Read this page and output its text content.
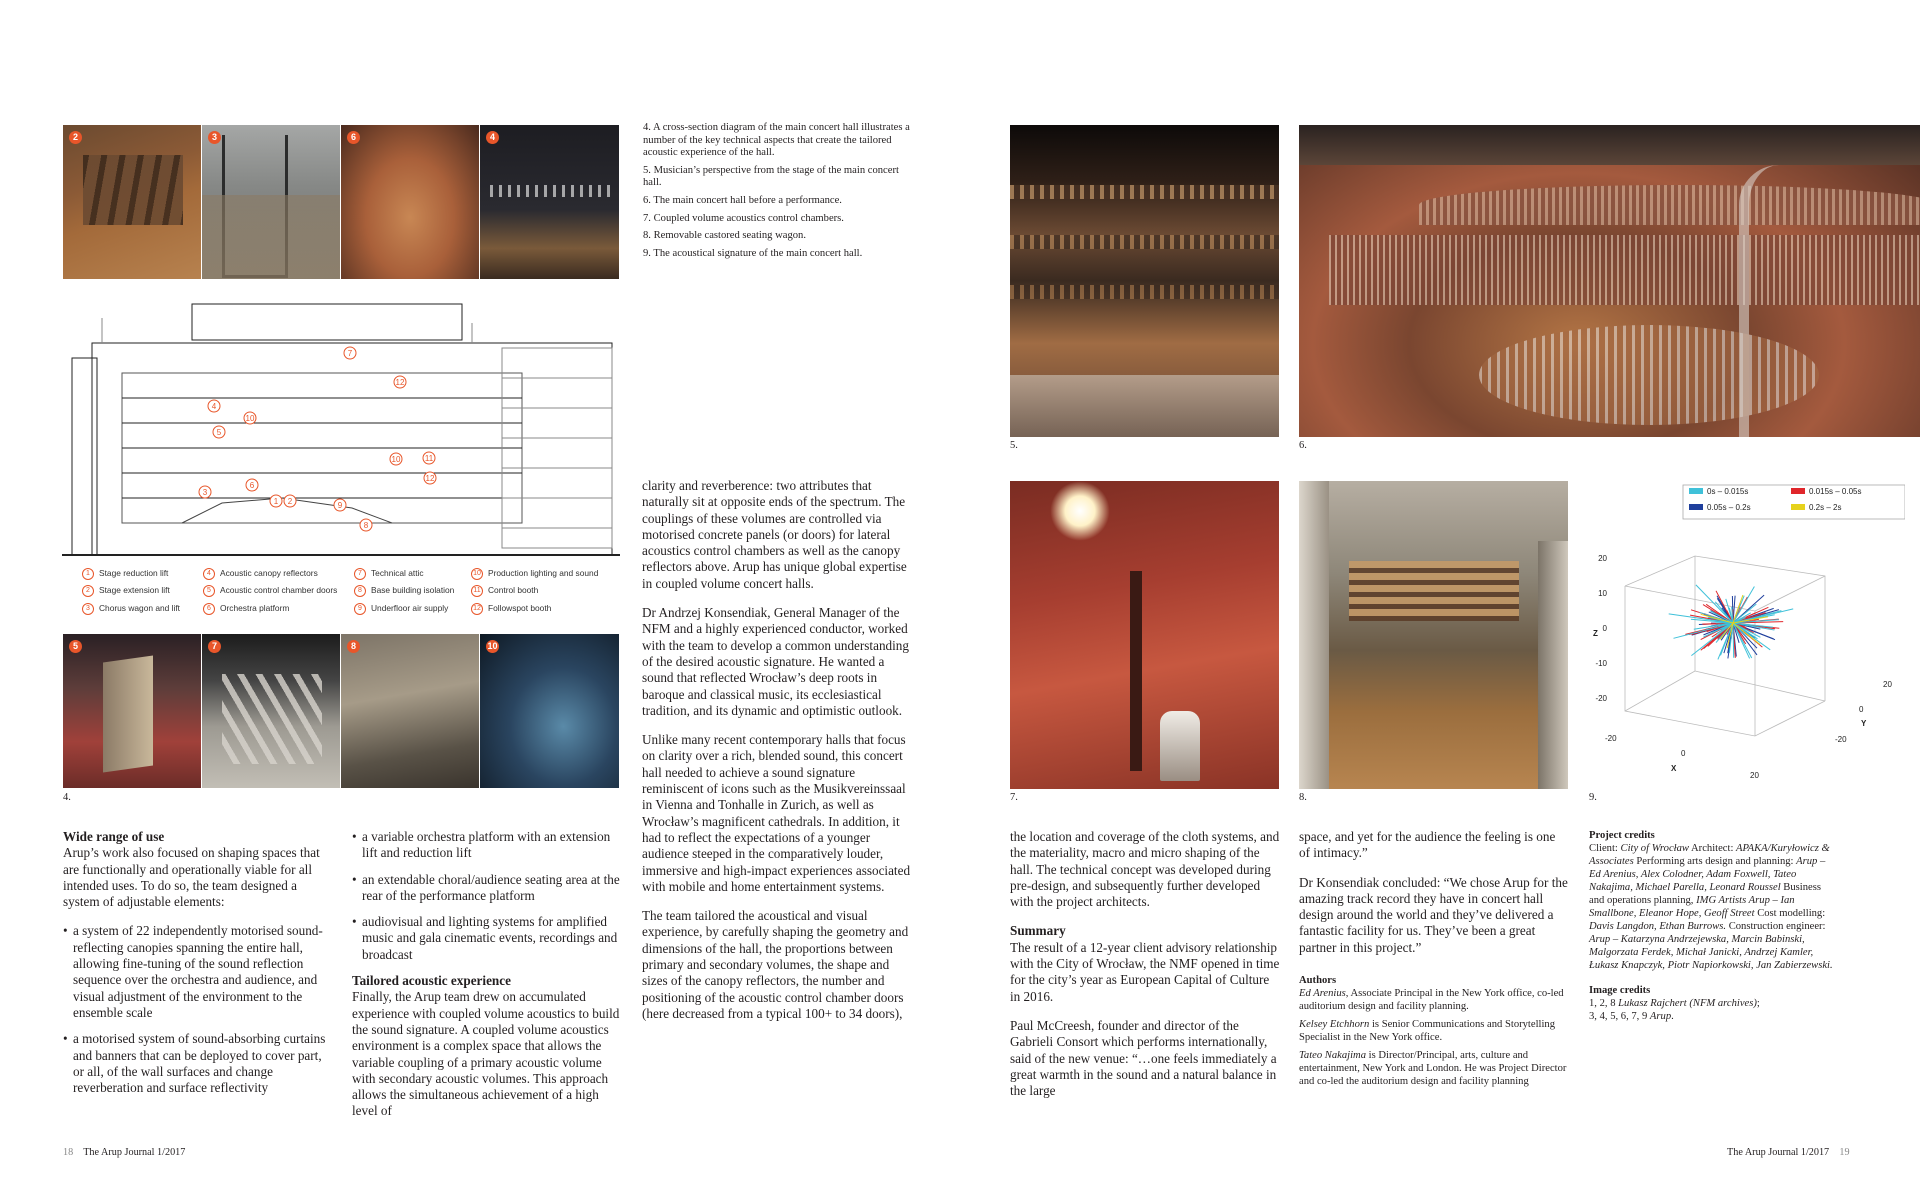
2	3	6	4
4. A cross-section diagram of the main concert hall illustrates a number of the key technical aspects that create the tailored acoustic experience of the hall.
5. Musician’s perspective from the stage of the main concert hall.
6. The main concert hall before a performance.
7. Coupled volume acoustics control chambers.
8. Removable castored seating wagon.
9. The acoustical signature of the main concert hall.
7
12
4
10
5
10	11
12
6
3
1 2	9
8
1 Stage reduction lift
2 Stage extension lift
3 Chorus wagon and lift
4 Acoustic canopy reflectors
5 Acoustic control chamber doors
6 Orchestra platform
7 Technical attic
8 Base building isolation
9 Underfloor air supply
10 Production lighting and sound
11 Control booth
12 Followspot booth
5	7	8	10
4.
Wide range of use

Arup’s work also focused on shaping spaces that are functionally and operationally viable for all intended uses. To do so, the team designed a system of adjustable elements:

• a system of 22 independently motorised sound-reflecting canopies spanning the entire hall, allowing fine-tuning of the sound reflection sequence over the orchestra and audience, and visual adjustment of the environment to the ensemble scale
• a motorised system of sound-absorbing curtains and banners that can be deployed to cover part, or all, of the wall surfaces and change reverberation and surface reflectivity
• a variable orchestra platform with an extension lift and reduction lift
• an extendable choral/audience seating area at the rear of the performance platform
• audiovisual and lighting systems for amplified music and gala cinematic events, recordings and broadcast
Tailored acoustic experience

Finally, the Arup team drew on accumulated experience with coupled volume acoustics to build the sound signature. A coupled volume acoustics environment is a complex space that allows the variable coupling of a primary acoustic volume with secondary acoustic volumes. This approach allows the simultaneous achievement of a high level of

clarity and reverberence: two attributes that naturally sit at opposite ends of the spectrum. The couplings of these volumes are controlled via motorised concrete panels (or doors) for lateral acoustics control chambers as well as the canopy reflectors above. Arup has unique global expertise in coupled volume concert halls.

Dr Andrzej Konsendiak, General Manager of the NFM and a highly experienced conductor, worked with the team to develop a common understanding of the desired acoustic signature. He wanted a sound that reflected Wrocław’s deep roots in baroque and classical music, its ecclesiastical tradition, and its dynamic and optimistic outlook.

Unlike many recent contemporary halls that focus on clarity over a rich, blended sound, this concert hall needed to achieve a sound signature reminiscent of icons such as the Musikvereinssaal in Vienna and Tonhalle in Zurich, as well as Wrocław’s magnificent cathedrals. In addition, it had to reflect the expectations of a younger audience steeped in the comparatively louder, immersive and high-impact experiences associated with mobile and home entertainment systems.

The team tailored the acoustical and visual experience, by carefully shaping the geometry and dimensions of the hall, the proportions between primary and secondary volumes, the shape and sizes of the canopy reflectors, the number and positioning of the acoustic control chamber doors (here decreased from a typical 100+ to 34 doors),

18 The Arup Journal 1/2017
5.	6.
7.	8.
0s – 0.015s	0.015s – 0.05s
0.05s – 0.2s	0.2s – 2s
20
10
0
-10
-20
Z
-20
0
20
Y
-20
0
20
X
9.

the location and coverage of the cloth systems, and the materiality, macro and micro shaping of the hall. The technical concept was developed during pre-design, and subsequently further developed with the project architects.

Summary

The result of a 12-year client advisory relationship with the City of Wrocław, the NMF opened in time for the city’s year as European Capital of Culture in 2016.

Paul McCreesh, founder and director of the Gabrieli Consort which performs internationally, said of the new venue: “…one feels immediately a great warmth in the sound and a natural balance in the large

space, and yet for the audience the feeling is one of intimacy.”

Dr Konsendiak concluded: “We chose Arup for the amazing track record they have in concert hall design around the world and they’ve delivered a fantastic facility for us. They’ve been a great partner in this project.”

Authors

Ed Arenius, Associate Principal in the New York office, co-led auditorium design and facility planning.

Kelsey Etchhorn is Senior Communications and Storytelling Specialist in the New York office.

Tateo Nakajima is Director/Principal, arts, culture and entertainment, New York and London. He was Project Director and co-led the auditorium design and facility planning

Project credits

Client: City of Wrocław Architect: APAKA/Kuryłowicz & Associates Performing arts design and planning: Arup – Ed Arenius, Alex Colodner, Adam Foxwell, Tateo Nakajima, Michael Parella, Leonard Roussel Business and operations planning, IMG Artists Arup – Ian Smallbone, Eleanor Hope, Geoff Street Cost modelling: Davis Langdon, Ethan Burrows. Construction engineer: Arup – Katarzyna Andrzejewska, Marcin Babinski, Malgorzata Ferdek, Michał Janicki, Andrzej Kamler, Łukasz Knapczyk, Piotr Napiorkowski, Jan Zabierzewski.

Image credits

1, 2, 8 Lukasz Rajchert (NFM archives);
3, 4, 5, 6, 7, 9 Arup.

The Arup Journal 1/2017 19
